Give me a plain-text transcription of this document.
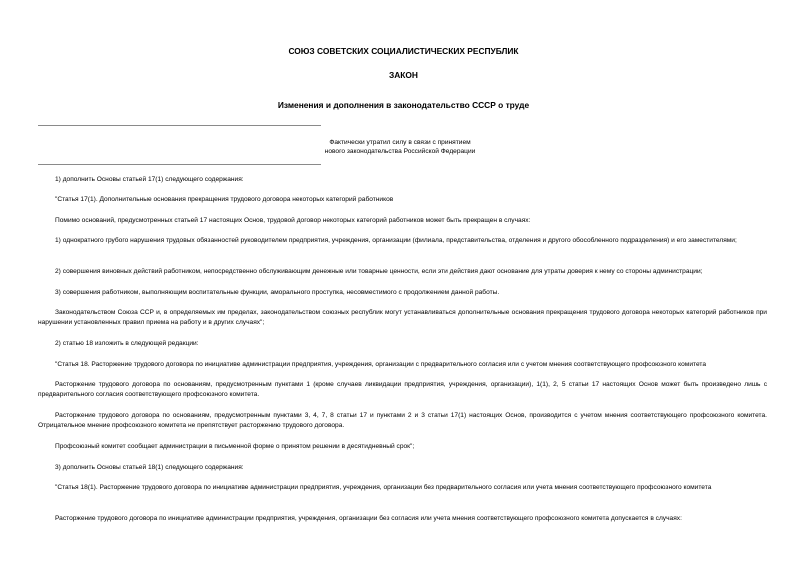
СОЮЗ СОВЕТСКИХ СОЦИАЛИСТИЧЕСКИХ РЕСПУБЛИК
ЗАКОН
Изменения и дополнения в законодательство СССР о труде
Фактически утратил силу в связи с принятием
нового законодательства Российской Федерации
1) дополнить Основы статьей 17(1) следующего содержания:
"Статья 17(1). Дополнительные основания прекращения трудового договора некоторых категорий работников
Помимо оснований, предусмотренных статьей 17 настоящих Основ, трудовой договор некоторых категорий работников может быть прекращен в случаях:
1) однократного грубого нарушения трудовых обязанностей руководителем предприятия, учреждения, организации (филиала, представительства, отделения и другого обособленного подразделения) и его заместителями;
2) совершения виновных действий работником, непосредственно обслуживающим денежные или товарные ценности, если эти действия дают основание для утраты доверия к нему со стороны администрации;
3) совершения работником, выполняющим воспитательные функции, аморального проступка, несовместимого с продолжением данной работы.
Законодательством Союза ССР и, в определяемых им пределах, законодательством союзных республик могут устанавливаться дополнительные основания прекращения трудового договора некоторых категорий работников при нарушении установленных правил приема на работу и в других случаях";
2) статью 18 изложить в следующей редакции:
"Статья 18. Расторжение трудового договора по инициативе администрации предприятия, учреждения, организации с предварительного согласия или с учетом мнения соответствующего профсоюзного комитета
Расторжение трудового договора по основаниям, предусмотренным пунктами 1 (кроме случаев ликвидации предприятия, учреждения, организации), 1(1), 2, 5 статьи 17 настоящих Основ может быть произведено лишь с предварительного согласия соответствующего профсоюзного комитета.
Расторжение трудового договора по основаниям, предусмотренным пунктами 3, 4, 7, 8 статьи 17 и пунктами 2 и 3 статьи 17(1) настоящих Основ, производится с учетом мнения соответствующего профсоюзного комитета. Отрицательное мнение профсоюзного комитета не препятствует расторжению трудового договора.
Профсоюзный комитет сообщает администрации в письменной форме о принятом решении в десятидневный срок";
3) дополнить Основы статьей 18(1) следующего содержания:
"Статья 18(1). Расторжение трудового договора по инициативе администрации предприятия, учреждения, организации без предварительного согласия или учета мнения соответствующего профсоюзного комитета
Расторжение трудового договора по инициативе администрации предприятия, учреждения, организации без согласия или учета мнения соответствующего профсоюзного комитета допускается в случаях:
